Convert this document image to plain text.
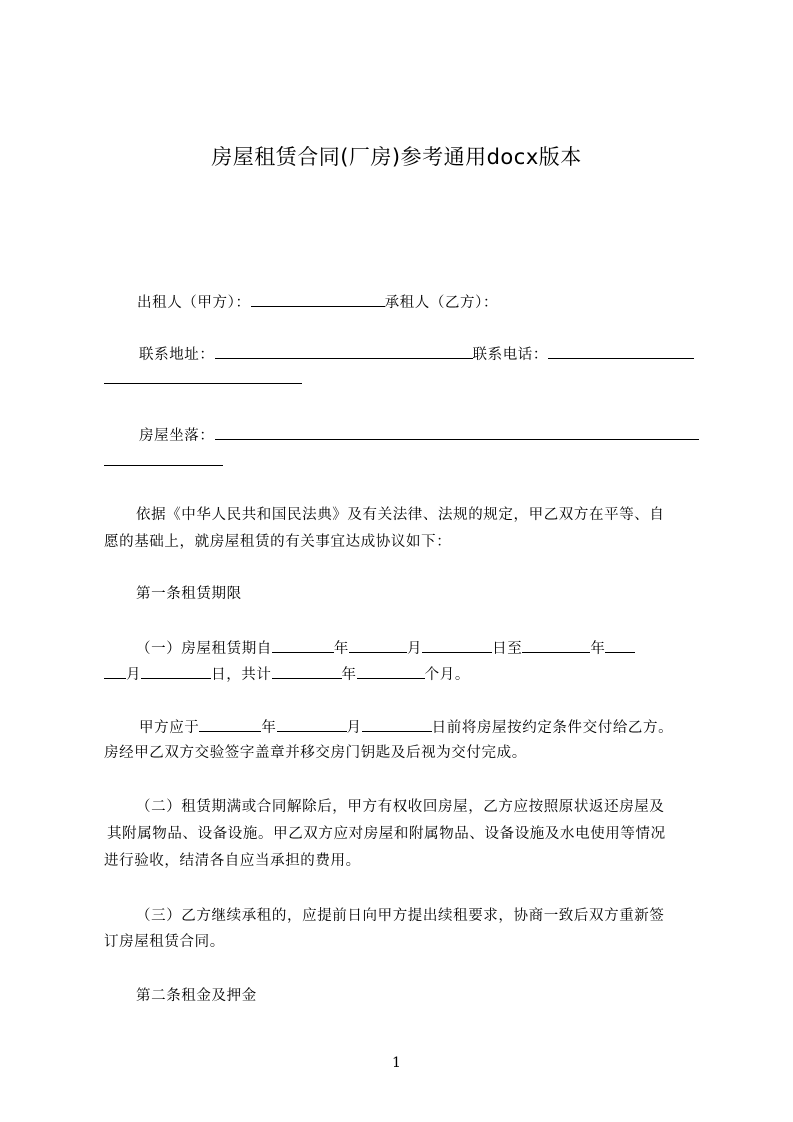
房屋租赁合同(厂房)参考通用docx版本
出租人（甲方）：	承租人（乙方）：
联系地址：	联系电话：
房屋坐落：
依据《中华人民共和国民法典》及有关法律、法规的规定，甲乙双方在平等、自
愿的基础上，就房屋租赁的有关事宜达成协议如下：
第一条租赁期限
（一）房屋租赁期自	年	月	日至	年
月	日，共计	年	个月。
甲方应于	年	月	日前将房屋按约定条件交付给乙方。
房经甲乙双方交验签字盖章并移交房门钥匙及后视为交付完成。
（二）租赁期满或合同解除后，甲方有权收回房屋，乙方应按照原状返还房屋及
其附属物品、设备设施。甲乙双方应对房屋和附属物品、设备设施及水电使用等情况
进行验收，结清各自应当承担的费用。
（三）乙方继续承租的，应提前日向甲方提出续租要求，协商一致后双方重新签
订房屋租赁合同。
第二条租金及押金
1
